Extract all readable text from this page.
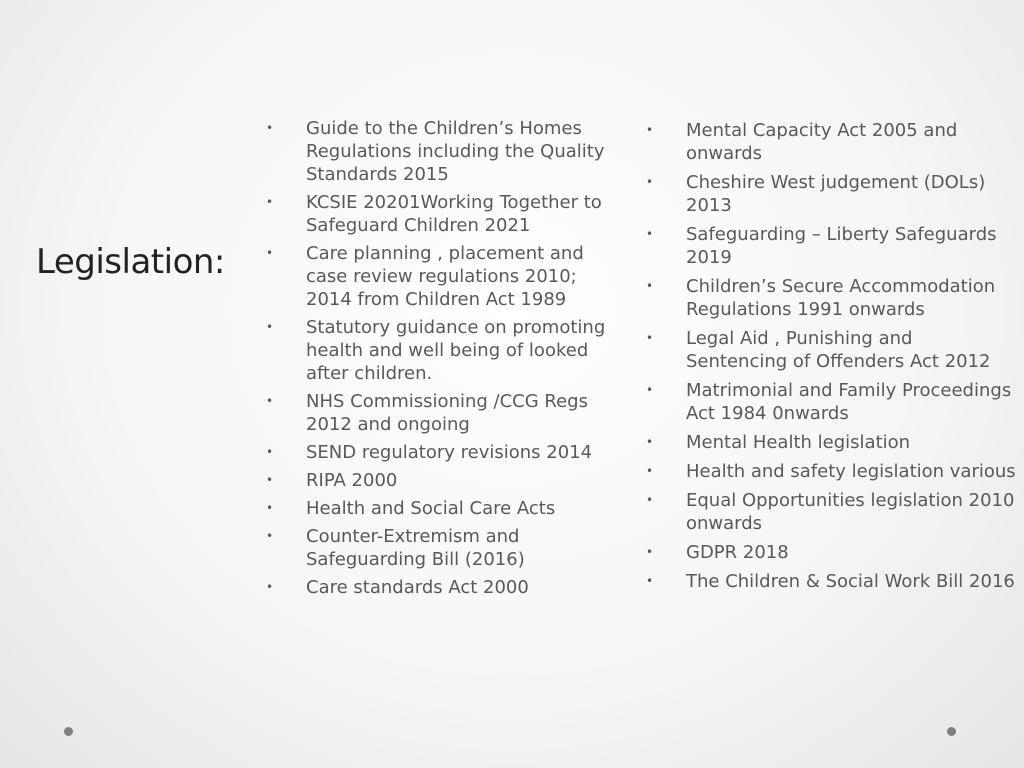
Legislation:
• Guide to the Children’s Homes Regulations including the Quality Standards 2015
• KCSIE 20201Working Together to Safeguard Children 2021
• Care planning , placement and case review regulations 2010; 2014 from Children Act 1989
• Statutory guidance on promoting health and well being of looked after children.
• NHS Commissioning /CCG Regs 2012 and ongoing
• SEND regulatory revisions 2014
• RIPA 2000
• Health and Social Care Acts
• Counter-Extremism and Safeguarding Bill (2016)
• Care standards Act 2000
• Mental Capacity Act 2005 and onwards
• Cheshire West judgement (DOLs) 2013
• Safeguarding – Liberty Safeguards 2019
• Children’s Secure Accommodation Regulations 1991 onwards
• Legal Aid , Punishing and Sentencing of Offenders Act 2012
• Matrimonial and Family Proceedings Act 1984 0nwards
• Mental Health legislation
• Health and safety legislation various
• Equal Opportunities legislation 2010 onwards
• GDPR 2018
• The Children & Social Work Bill 2016
